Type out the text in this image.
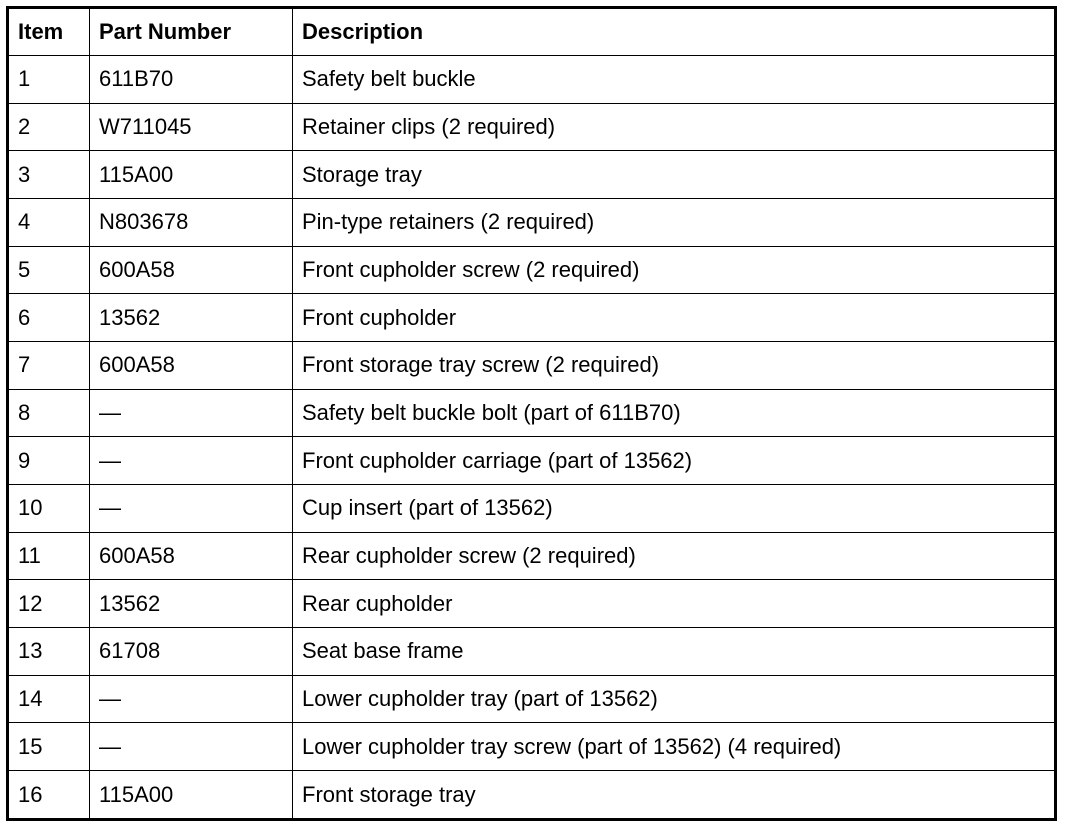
Item	Part Number	Description
1	611B70	Safety belt buckle
2	W711045	Retainer clips (2 required)
3	115A00	Storage tray
4	N803678	Pin-type retainers (2 required)
5	600A58	Front cupholder screw (2 required)
6	13562	Front cupholder
7	600A58	Front storage tray screw (2 required)
8	—	Safety belt buckle bolt (part of 611B70)
9	—	Front cupholder carriage (part of 13562)
10	—	Cup insert (part of 13562)
11	600A58	Rear cupholder screw (2 required)
12	13562	Rear cupholder
13	61708	Seat base frame
14	—	Lower cupholder tray (part of 13562)
15	—	Lower cupholder tray screw (part of 13562) (4 required)
16	115A00	Front storage tray
